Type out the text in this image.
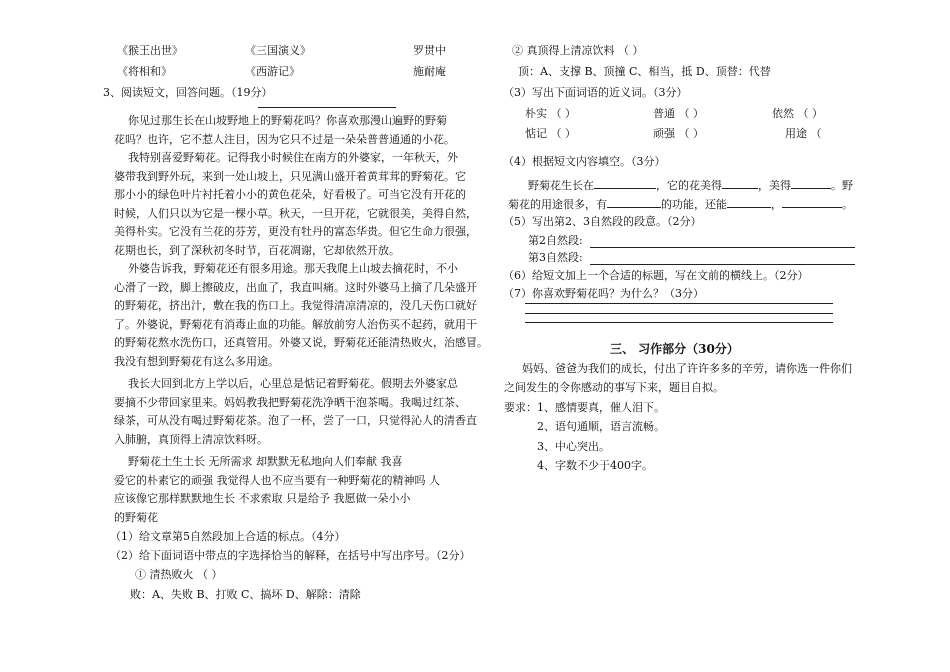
《猴王出世》	《三国演义》	罗贯中
《将相和》	《西游记》	施耐庵
3、阅读短文，回答问题。（19分）
你见过那生长在山坡野地上的野菊花吗？你喜欢那漫山遍野的野菊
花吗？也许，它不惹人注目，因为它只不过是一朵朵普普通通的小花。
我特别喜爱野菊花。记得我小时候住在南方的外婆家，一年秋天，外
婆带我到野外玩，来到一处山坡上，只见满山盛开着黄茸茸的野菊花。它
那小小的绿色叶片衬托着小小的黄色花朵，好看极了。可当它没有开花的
时候，人们只以为它是一棵小草。秋天，一旦开花，它就很美，美得自然，
美得朴实。它没有兰花的芬芳，更没有牡丹的富态华贵。但它生命力很强，
花期也长，到了深秋初冬时节，百花凋谢，它却依然开放。
外婆告诉我，野菊花还有很多用途。那天我爬上山坡去摘花时，不小
心滑了一跤，脚上擦破皮，出血了，我直叫痛。这时外婆马上摘了几朵盛开
的野菊花，挤出汁，敷在我的伤口上。我觉得清凉清凉的，没几天伤口就好
了。外婆说，野菊花有消毒止血的功能。解放前穷人治伤买不起药，就用干
的野菊花熬水洗伤口，还真管用。外婆又说，野菊花还能清热败火，治感冒。
我没有想到野菊花有这么多用途。
我长大回到北方上学以后，心里总是惦记着野菊花。假期去外婆家总
要摘不少带回家里来。妈妈教我把野菊花洗净晒干泡茶喝。我喝过红茶、
绿茶，可从没有喝过野菊花茶。泡了一杯，尝了一口，只觉得沁人的清香直
入肺腑，真顶得上清凉饮料呀。
野菊花土生土长 无所需求 却默默无私地向人们奉献 我喜
爱它的朴素它的顽强 我觉得人也不应当要有一种野菊花的精神吗 人
应该像它那样默默地生长 不求索取 只是给予 我愿做一朵小小
的野菊花
（1）给文章第5自然段加上合适的标点。（4分）
（2）给下面词语中带点的字选择恰当的解释，在括号中写出序号。（2分）
① 清热败火 （ ）
败：A、失败 B、打败 C、搞坏 D、解除：清除
② 真顶得上清凉饮料 （ ）
顶：A、支撑 B、顶撞 C、相当，抵 D、顶替：代替
（3）写出下面词语的近义词。（3分）
朴实 （ ）	普通 （ ）	依然 （ ）
惦记 （ ）	顽强 （ ）	用途 （
（4）根据短文内容填空。（3分）
野菊花生长在	，它的花美得	，美得	。野
菊花的用途很多，有	的功能，还能	，	。
（5）写出第2、3自然段的段意。（2分）
第2自然段:
第3自然段:
（6）给短文加上一个合适的标题，写在文前的横线上。（2分）
（7）你喜欢野菊花吗？为什么？（3分）
三、 习作部分（30分）
妈妈、爸爸为我们的成长，付出了许许多多的辛劳，请你选一件你们
之间发生的令你感动的事写下来，题目自拟。
要求：1、感情要真，催人泪下。
2、语句通顺，语言流畅。
3、中心突出。
4、字数不少于400字。
